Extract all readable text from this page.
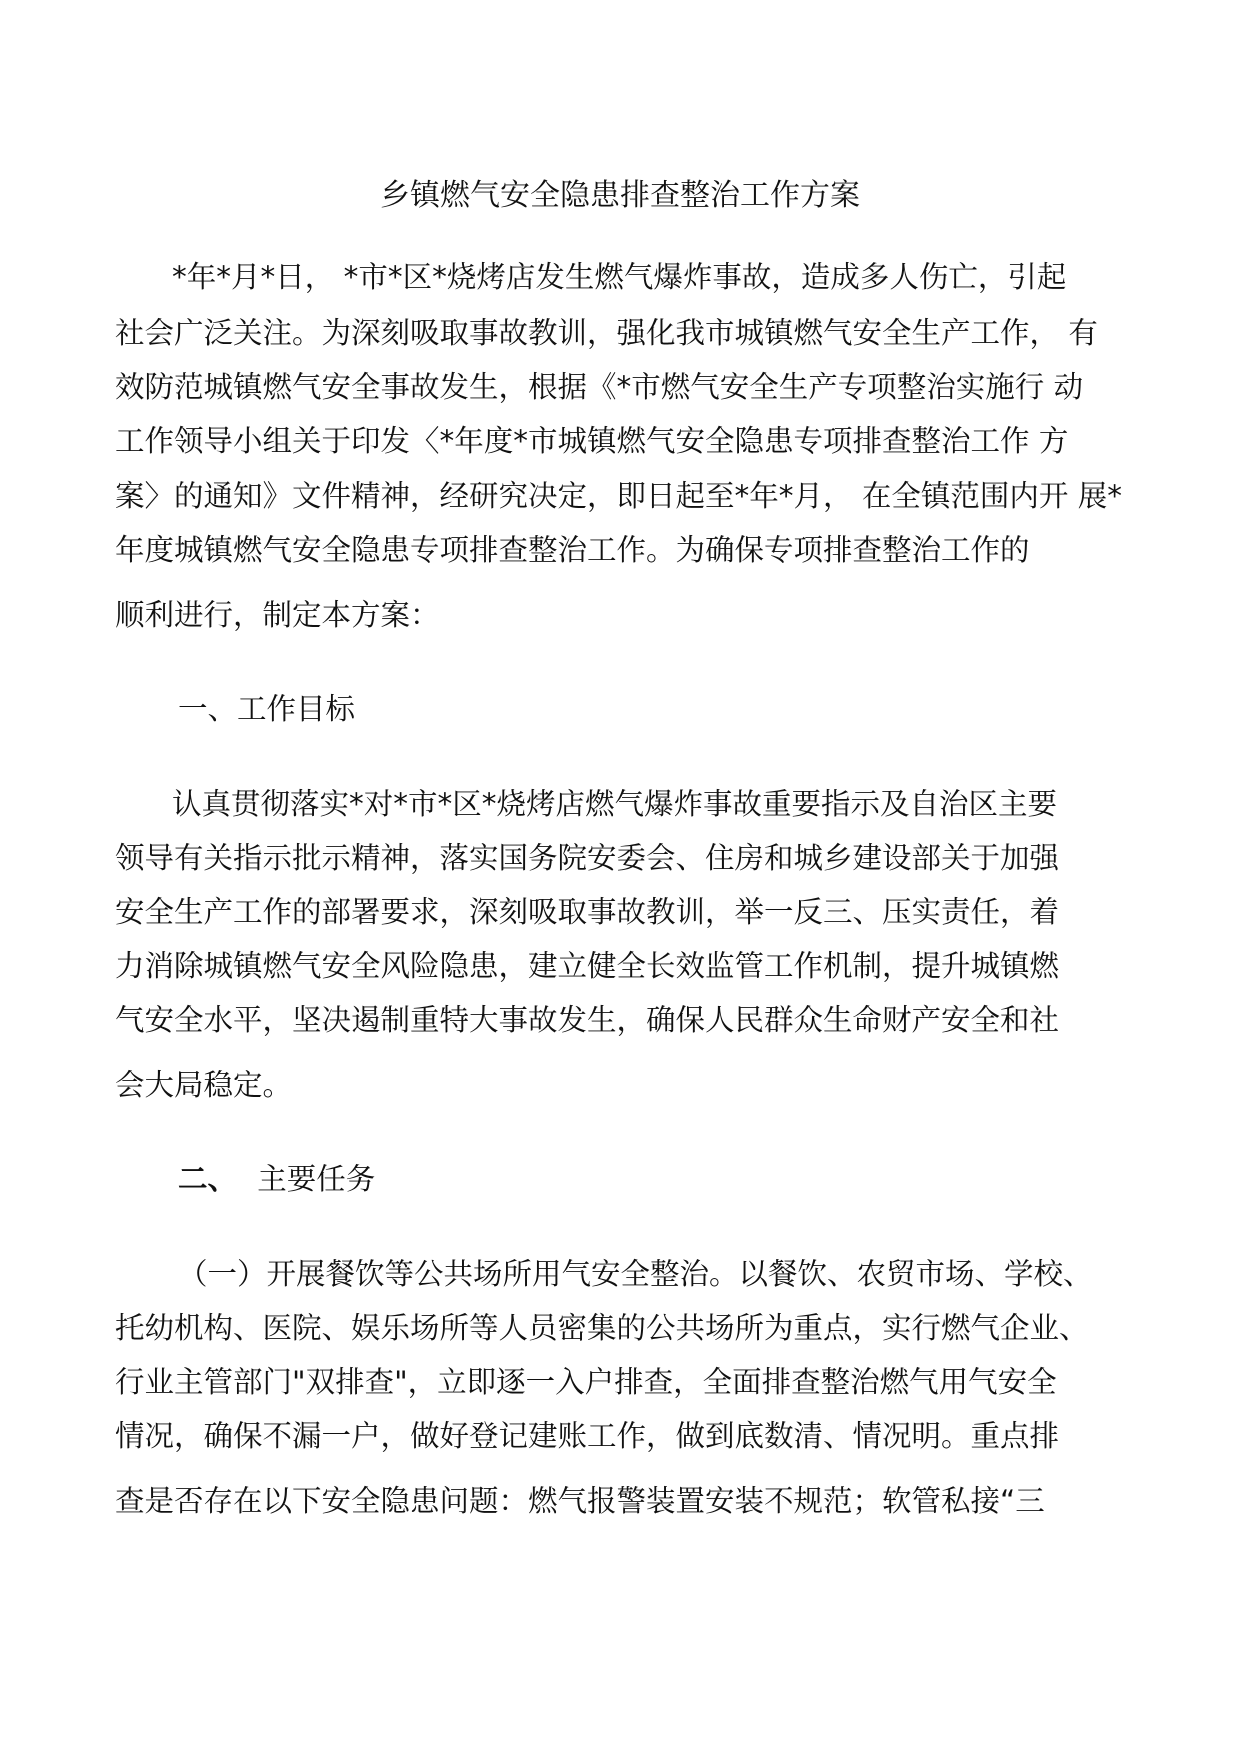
乡镇燃气安全隐患排查整治工作方案

*年*月*日， *市*区*烧烤店发生燃气爆炸事故，造成多人伤亡，引起

社会广泛关注。为深刻吸取事故教训，强化我市城镇燃气安全生产工作， 有

效防范城镇燃气安全事故发生，根据《*市燃气安全生产专项整治实施行 动

工作领导小组关于印发〈*年度*市城镇燃气安全隐患专项排查整治工作 方

案〉的通知》文件精神，经研究决定，即日起至*年*月， 在全镇范围内开 展*

年度城镇燃气安全隐患专项排查整治工作。为确保专项排查整治工作的

顺利进行，制定本方案：

一、工作目标

认真贯彻落实*对*市*区*烧烤店燃气爆炸事故重要指示及自治区主要

领导有关指示批示精神，落实国务院安委会、住房和城乡建设部关于加强

安全生产工作的部署要求，深刻吸取事故教训，举一反三、压实责任，着

力消除城镇燃气安全风险隐患，建立健全长效监管工作机制，提升城镇燃

气安全水平，坚决遏制重特大事故发生，确保人民群众生命财产安全和社

会大局稳定。

二、 主要任务

（一）开展餐饮等公共场所用气安全整治。以餐饮、农贸市场、学校、

托幼机构、医院、娱乐场所等人员密集的公共场所为重点，实行燃气企业、

行业主管部门"双排查"，立即逐一入户排查，全面排查整治燃气用气安全

情况，确保不漏一户，做好登记建账工作，做到底数清、情况明。重点排

查是否存在以下安全隐患问题：燃气报警装置安装不规范；软管私接“三
